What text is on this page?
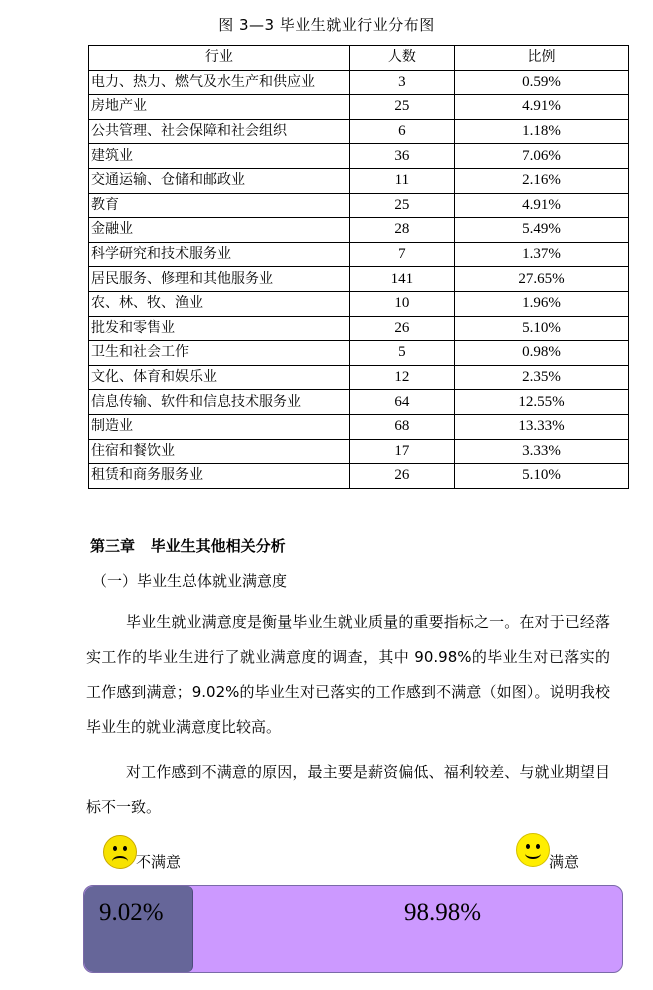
图 3—3 毕业生就业行业分布图
行业	人数	比例
电力、热力、燃气及水生产和供应业	3	0.59%
房地产业	25	4.91%
公共管理、社会保障和社会组织	6	1.18%
建筑业	36	7.06%
交通运输、仓储和邮政业	11	2.16%
教育	25	4.91%
金融业	28	5.49%
科学研究和技术服务业	7	1.37%
居民服务、修理和其他服务业	141	27.65%
农、林、牧、渔业	10	1.96%
批发和零售业	26	5.10%
卫生和社会工作	5	0.98%
文化、体育和娱乐业	12	2.35%
信息传输、软件和信息技术服务业	64	12.55%
制造业	68	13.33%
住宿和餐饮业	17	3.33%
租赁和商务服务业	26	5.10%
第三章   毕业生其他相关分析
（一）毕业生总体就业满意度
毕业生就业满意度是衡量毕业生就业质量的重要指标之一。在对于已经落实工作的毕业生进行了就业满意度的调查，其中 90.98%的毕业生对已落实的工作感到满意；9.02%的毕业生对已落实的工作感到不满意（如图）。说明我校毕业生的就业满意度比较高。
对工作感到不满意的原因，最主要是薪资偏低、福利较差、与就业期望目标不一致。
不满意	满意
9.02%	98.98%
